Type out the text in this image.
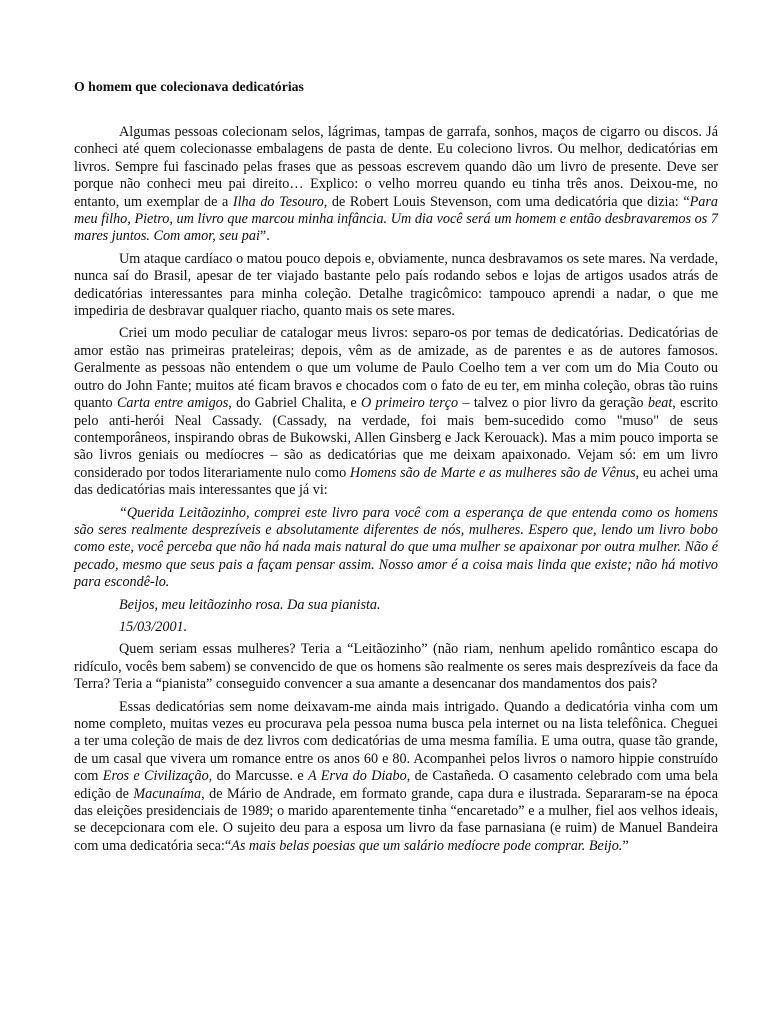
O homem que colecionava dedicatórias

Algumas pessoas colecionam selos, lágrimas, tampas de garrafa, sonhos, maços de cigarro ou discos. Já conheci até quem colecionasse embalagens de pasta de dente. Eu coleciono livros. Ou melhor, dedicatórias em livros. Sempre fui fascinado pelas frases que as pessoas escrevem quando dão um livro de presente. Deve ser porque não conheci meu pai direito… Explico: o velho morreu quando eu tinha três anos. Deixou-me, no entanto, um exemplar de a Ilha do Tesouro, de Robert Louis Stevenson, com uma dedicatória que dizia: “Para meu filho, Pietro, um livro que marcou minha infância. Um dia você será um homem e então desbravaremos os 7 mares juntos. Com amor, seu pai”.

Um ataque cardíaco o matou pouco depois e, obviamente, nunca desbravamos os sete mares. Na verdade, nunca saí do Brasil, apesar de ter viajado bastante pelo país rodando sebos e lojas de artigos usados atrás de dedicatórias interessantes para minha coleção. Detalhe tragicômico: tampouco aprendi a nadar, o que me impediria de desbravar qualquer riacho, quanto mais os sete mares.

Criei um modo peculiar de catalogar meus livros: separo-os por temas de dedicatórias. Dedicatórias de amor estão nas primeiras prateleiras; depois, vêm as de amizade, as de parentes e as de autores famosos. Geralmente as pessoas não entendem o que um volume de Paulo Coelho tem a ver com um do Mia Couto ou outro do John Fante; muitos até ficam bravos e chocados com o fato de eu ter, em minha coleção, obras tão ruins quanto Carta entre amigos, do Gabriel Chalita, e O primeiro terço – talvez o pior livro da geração beat, escrito pelo anti-herói Neal Cassady. (Cassady, na verdade, foi mais bem-sucedido como "muso" de seus contemporâneos, inspirando obras de Bukowski, Allen Ginsberg e Jack Kerouack). Mas a mim pouco importa se são livros geniais ou medíocres – são as dedicatórias que me deixam apaixonado. Vejam só: em um livro considerado por todos literariamente nulo como Homens são de Marte e as mulheres são de Vênus, eu achei uma das dedicatórias mais interessantes que já vi:

“Querida Leitãozinho, comprei este livro para você com a esperança de que entenda como os homens são seres realmente desprezíveis e absolutamente diferentes de nós, mulheres. Espero que, lendo um livro bobo como este, você perceba que não há nada mais natural do que uma mulher se apaixonar por outra mulher. Não é pecado, mesmo que seus pais a façam pensar assim. Nosso amor é a coisa mais linda que existe; não há motivo para escondê-lo.

Beijos, meu leitãozinho rosa. Da sua pianista.

15/03/2001.

Quem seriam essas mulheres? Teria a “Leitãozinho” (não riam, nenhum apelido romântico escapa do ridículo, vocês bem sabem) se convencido de que os homens são realmente os seres mais desprezíveis da face da Terra? Teria a “pianista” conseguido convencer a sua amante a desencanar dos mandamentos dos pais?

Essas dedicatórias sem nome deixavam-me ainda mais intrigado. Quando a dedicatória vinha com um nome completo, muitas vezes eu procurava pela pessoa numa busca pela internet ou na lista telefônica. Cheguei a ter uma coleção de mais de dez livros com dedicatórias de uma mesma família. E uma outra, quase tão grande, de um casal que vivera um romance entre os anos 60 e 80. Acompanhei pelos livros o namoro hippie construído com Eros e Civilização, do Marcusse. e A Erva do Diabo, de Castañeda. O casamento celebrado com uma bela edição de Macunaíma, de Mário de Andrade, em formato grande, capa dura e ilustrada. Separaram-se na época das eleições presidenciais de 1989; o marido aparentemente tinha “encaretado” e a mulher, fiel aos velhos ideais, se decepcionara com ele. O sujeito deu para a esposa um livro da fase parnasiana (e ruim) de Manuel Bandeira com uma dedicatória seca:“As mais belas poesias que um salário medíocre pode comprar. Beijo.”
